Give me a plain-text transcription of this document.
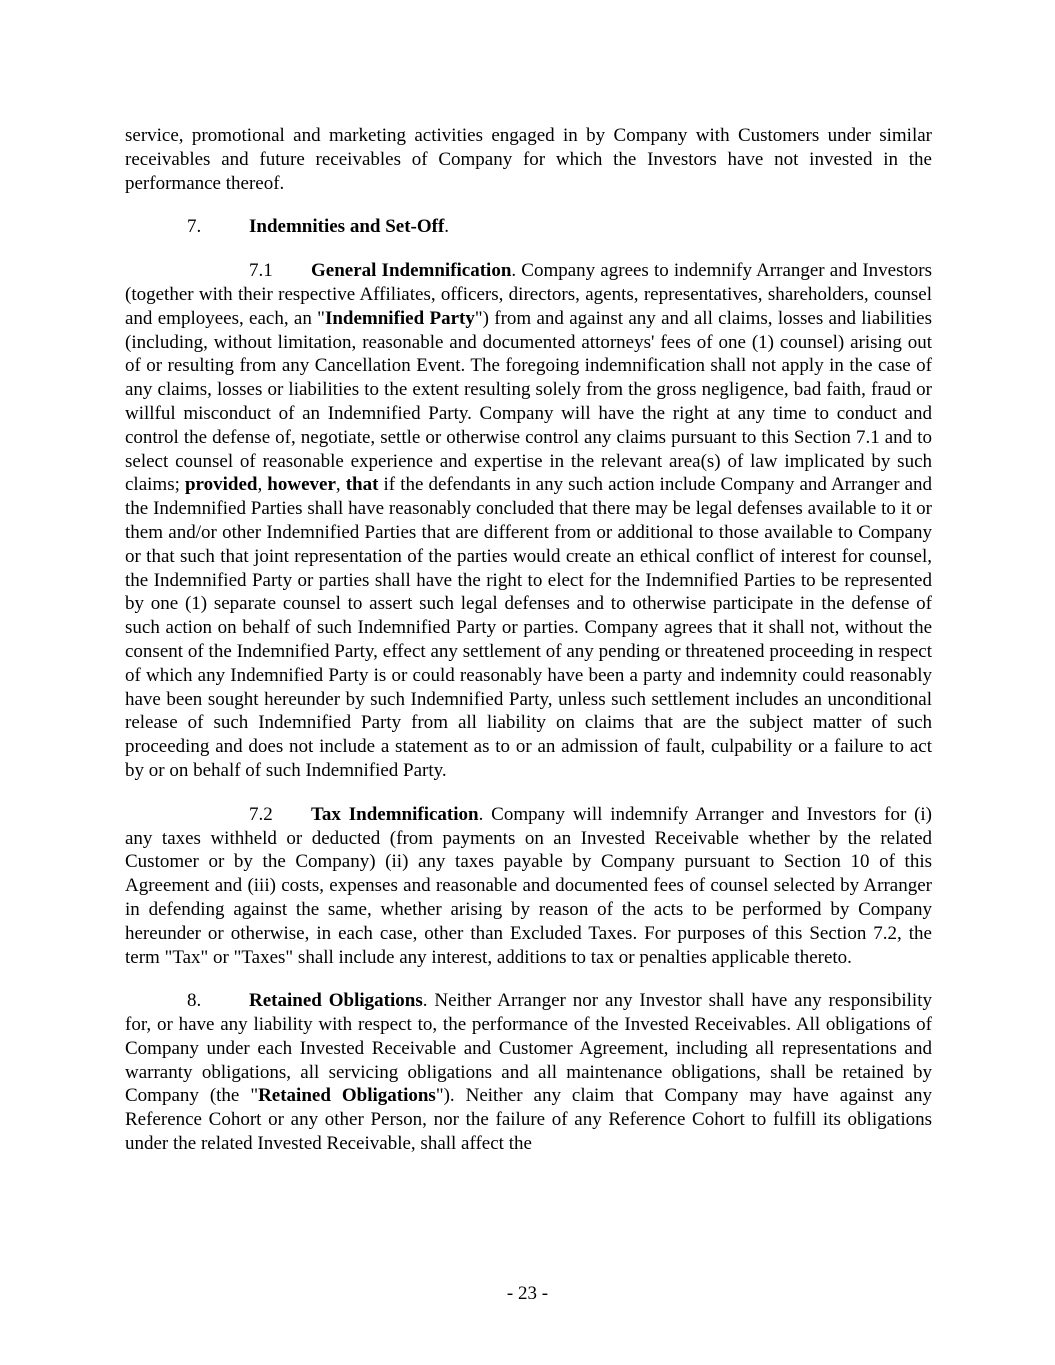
service, promotional and marketing activities engaged in by Company with Customers under similar receivables and future receivables of Company for which the Investors have not invested in the performance thereof.

7.	Indemnities and Set-Off.

7.1 General Indemnification. Company agrees to indemnify Arranger and Investors (together with their respective Affiliates, officers, directors, agents, representatives, shareholders, counsel and employees, each, an "Indemnified Party") from and against any and all claims, losses and liabilities (including, without limitation, reasonable and documented attorneys' fees of one (1) counsel) arising out of or resulting from any Cancellation Event. The foregoing indemnification shall not apply in the case of any claims, losses or liabilities to the extent resulting solely from the gross negligence, bad faith, fraud or willful misconduct of an Indemnified Party. Company will have the right at any time to conduct and control the defense of, negotiate, settle or otherwise control any claims pursuant to this Section 7.1 and to select counsel of reasonable experience and expertise in the relevant area(s) of law implicated by such claims; provided, however, that if the defendants in any such action include Company and Arranger and the Indemnified Parties shall have reasonably concluded that there may be legal defenses available to it or them and/or other Indemnified Parties that are different from or additional to those available to Company or that such that joint representation of the parties would create an ethical conflict of interest for counsel, the Indemnified Party or parties shall have the right to elect for the Indemnified Parties to be represented by one (1) separate counsel to assert such legal defenses and to otherwise participate in the defense of such action on behalf of such Indemnified Party or parties. Company agrees that it shall not, without the consent of the Indemnified Party, effect any settlement of any pending or threatened proceeding in respect of which any Indemnified Party is or could reasonably have been a party and indemnity could reasonably have been sought hereunder by such Indemnified Party, unless such settlement includes an unconditional release of such Indemnified Party from all liability on claims that are the subject matter of such proceeding and does not include a statement as to or an admission of fault, culpability or a failure to act by or on behalf of such Indemnified Party.

7.2 Tax Indemnification. Company will indemnify Arranger and Investors for (i) any taxes withheld or deducted (from payments on an Invested Receivable whether by the related Customer or by the Company) (ii) any taxes payable by Company pursuant to Section 10 of this Agreement and (iii) costs, expenses and reasonable and documented fees of counsel selected by Arranger in defending against the same, whether arising by reason of the acts to be performed by Company hereunder or otherwise, in each case, other than Excluded Taxes. For purposes of this Section 7.2, the term "Tax" or "Taxes" shall include any interest, additions to tax or penalties applicable thereto.

8.	Retained Obligations. Neither Arranger nor any Investor shall have any responsibility for, or have any liability with respect to, the performance of the Invested Receivables. All obligations of Company under each Invested Receivable and Customer Agreement, including all representations and warranty obligations, all servicing obligations and all maintenance obligations, shall be retained by Company (the "Retained Obligations"). Neither any claim that Company may have against any Reference Cohort or any other Person, nor the failure of any Reference Cohort to fulfill its obligations under the related Invested Receivable, shall affect the

- 23 -
